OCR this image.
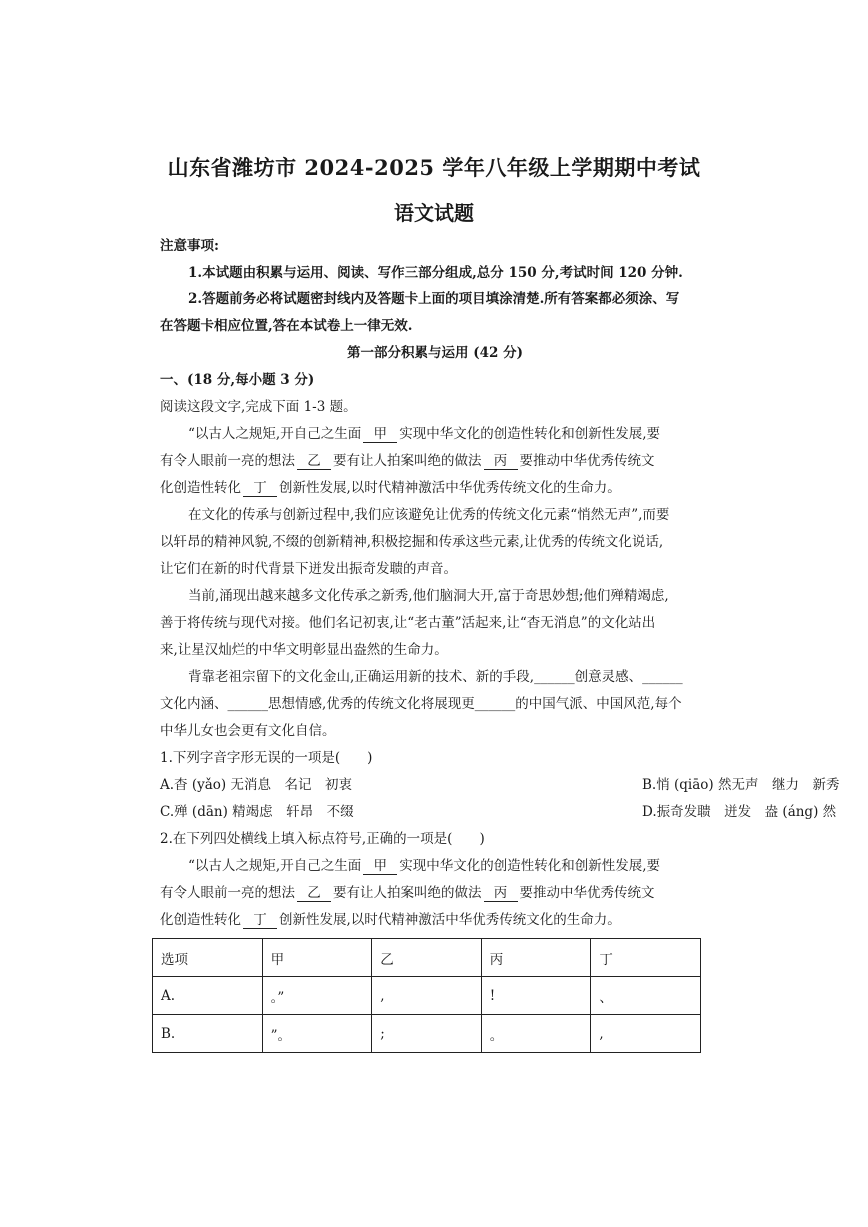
山东省潍坊市 2024-2025 学年八年级上学期期中考试
语文试题
注意事项:
1.本试题由积累与运用、阅读、写作三部分组成,总分 150 分,考试时间 120 分钟.
2.答题前务必将试题密封线内及答题卡上面的项目填涂清楚.所有答案都必须涂、写
在答题卡相应位置,答在本试卷上一律无效.
第一部分积累与运用 (42 分)
一、(18 分,每小题 3 分)
阅读这段文字,完成下面 1-3 题。
“以古人之规矩,开自己之生面 甲 实现中华文化的创造性转化和创新性发展,要
有令人眼前一亮的想法 乙 要有让人拍案叫绝的做法 丙 要推动中华优秀传统文
化创造性转化 丁 创新性发展,以时代精神激活中华优秀传统文化的生命力。
在文化的传承与创新过程中,我们应该避免让优秀的传统文化元素“悄然无声”,而要
以轩昂的精神风貌,不缀的创新精神,积极挖掘和传承这些元素,让优秀的传统文化说话,
让它们在新的时代背景下迸发出振奇发聩的声音。
当前,涌现出越来越多文化传承之新秀,他们脑洞大开,富于奇思妙想;他们殚精竭虑,
善于将传统与现代对接。他们名记初衷,让“老古董”活起来,让“杳无消息”的文化站出
来,让星汉灿烂的中华文明彰显出盎然的生命力。
背靠老祖宗留下的文化金山,正确运用新的技术、新的手段,______创意灵感、______
文化内涵、______思想情感,优秀的传统文化将展现更______的中国气派、中国风范,每个
中华儿女也会更有文化自信。
1.下列字音字形无误的一项是(　　)
A.杳 (yǎo) 无消息　名记　初衷	B.悄 (qiāo) 然无声　继力　新秀
C.殚 (dān) 精竭虑　轩昂　不缀	D.振奇发聩　迸发　盎 (áng) 然
2.在下列四处横线上填入标点符号,正确的一项是(　　)
“以古人之规矩,开自己之生面 甲 实现中华文化的创造性转化和创新性发展,要
有令人眼前一亮的想法 乙 要有让人拍案叫绝的做法 丙 要推动中华优秀传统文
化创造性转化 丁 创新性发展,以时代精神激活中华优秀传统文化的生命力。
选项	甲	乙	丙	丁
A.	。”	,	!	、
B.	”。	;	。	,
